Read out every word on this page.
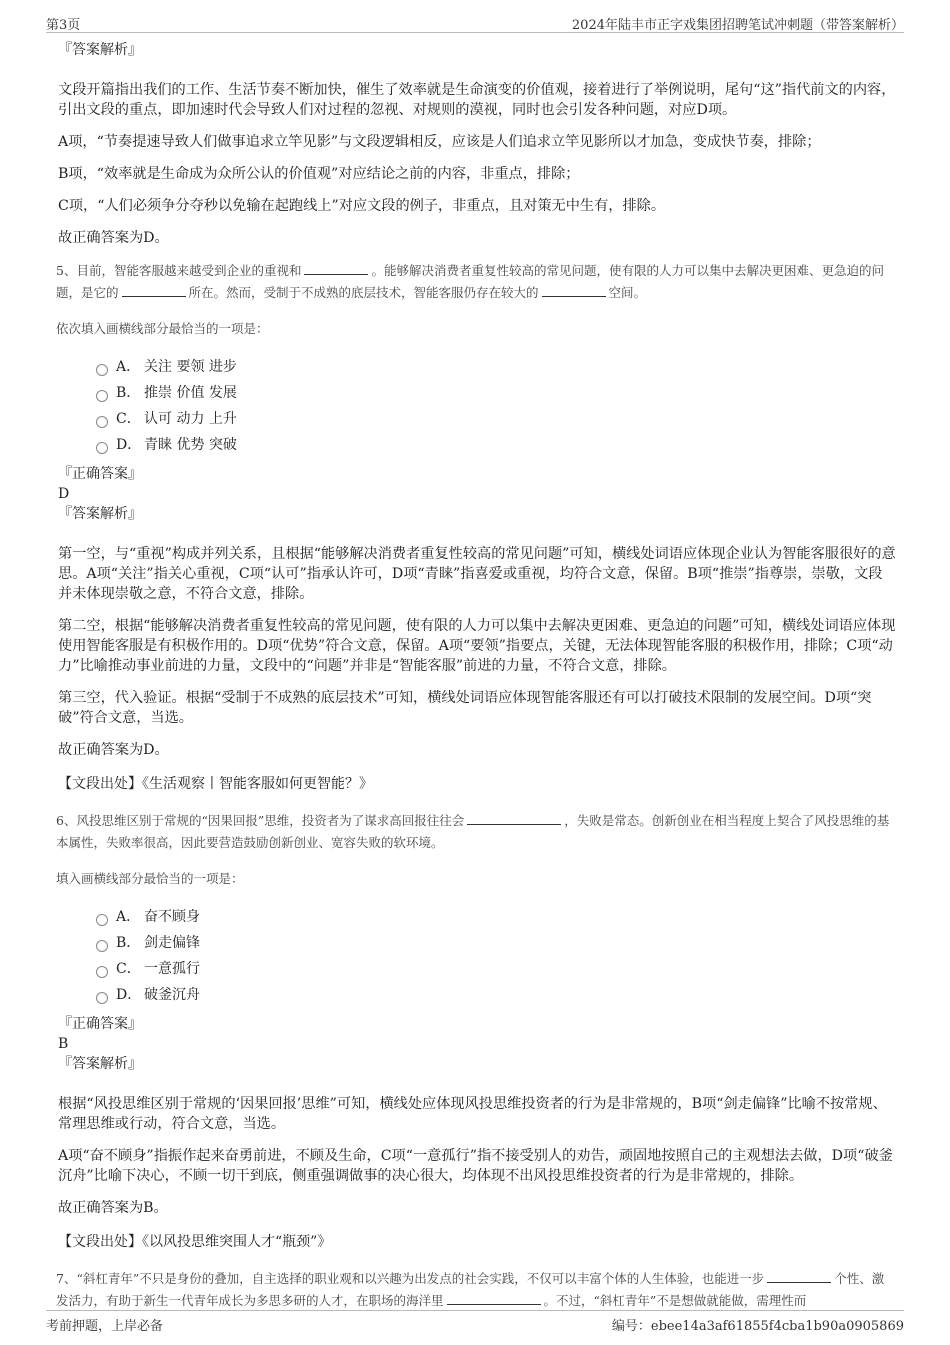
第3页	2024年陆丰市正字戏集团招聘笔试冲刺题（带答案解析）
『答案解析』
文段开篇指出我们的工作、生活节奏不断加快，催生了效率就是生命演变的价值观，接着进行了举例说明，尾句“这”指代前文的内容，引出文段的重点，即加速时代会导致人们对过程的忽视、对规则的漠视，同时也会引发各种问题，对应D项。
A项，“节奏提速导致人们做事追求立竿见影”与文段逻辑相反，应该是人们追求立竿见影所以才加急，变成快节奏，排除；
B项，“效率就是生命成为众所公认的价值观”对应结论之前的内容，非重点，排除；
C项，“人们必须争分夺秒以免输在起跑线上”对应文段的例子，非重点，且对策无中生有，排除。
故正确答案为D。
5、目前，智能客服越来越受到企业的重视和	。能够解决消费者重复性较高的常见问题，使有限的人力可以集中去解决更困难、更急迫的问题，是它的	所在。然而，受制于不成熟的底层技术，智能客服仍存在较大的	空间。
依次填入画横线部分最恰当的一项是：
A． 关注 要领 进步
B． 推崇 价值 发展
C． 认可 动力 上升
D． 青睐 优势 突破
『正确答案』
D
『答案解析』
第一空，与“重视”构成并列关系，且根据“能够解决消费者重复性较高的常见问题”可知，横线处词语应体现企业认为智能客服很好的意思。A项“关注”指关心重视，C项“认可”指承认许可，D项“青睐”指喜爱或重视，均符合文意，保留。B项“推崇”指尊崇，崇敬，文段并未体现崇敬之意，不符合文意，排除。
第二空，根据“能够解决消费者重复性较高的常见问题，使有限的人力可以集中去解决更困难、更急迫的问题”可知，横线处词语应体现使用智能客服是有积极作用的。D项“优势”符合文意，保留。A项“要领”指要点，关键，无法体现智能客服的积极作用，排除；C项“动力”比喻推动事业前进的力量，文段中的“问题”并非是“智能客服”前进的力量，不符合文意，排除。
第三空，代入验证。根据“受制于不成熟的底层技术”可知，横线处词语应体现智能客服还有可以打破技术限制的发展空间。D项“突破”符合文意，当选。
故正确答案为D。
【文段出处】《生活观察丨智能客服如何更智能？》
6、风投思维区别于常规的“因果回报”思维，投资者为了谋求高回报往往会	，失败是常态。创新创业在相当程度上契合了风投思维的基本属性，失败率很高，因此要营造鼓励创新创业、宽容失败的软环境。
填入画横线部分最恰当的一项是：
A． 奋不顾身
B． 剑走偏锋
C． 一意孤行
D． 破釜沉舟
『正确答案』
B
『答案解析』
根据“风投思维区别于常规的‘因果回报’思维”可知，横线处应体现风投思维投资者的行为是非常规的，B项“剑走偏锋”比喻不按常规、常理思维或行动，符合文意，当选。
A项“奋不顾身”指振作起来奋勇前进，不顾及生命，C项“一意孤行”指不接受别人的劝告，顽固地按照自己的主观想法去做，D项“破釜沉舟”比喻下决心，不顾一切干到底，侧重强调做事的决心很大，均体现不出风投思维投资者的行为是非常规的，排除。
故正确答案为B。
【文段出处】《以风投思维突围人才“瓶颈”》
7、“斜杠青年”不只是身份的叠加，自主选择的职业观和以兴趣为出发点的社会实践，不仅可以丰富个体的人生体验，也能进一步	个性、激发活力，有助于新生一代青年成长为多思多研的人才，在职场的海洋里	。不过，“斜杠青年”不是想做就能做，需理性而
考前押题，上岸必备	编号：ebee14a3af61855f4cba1b90a0905869
